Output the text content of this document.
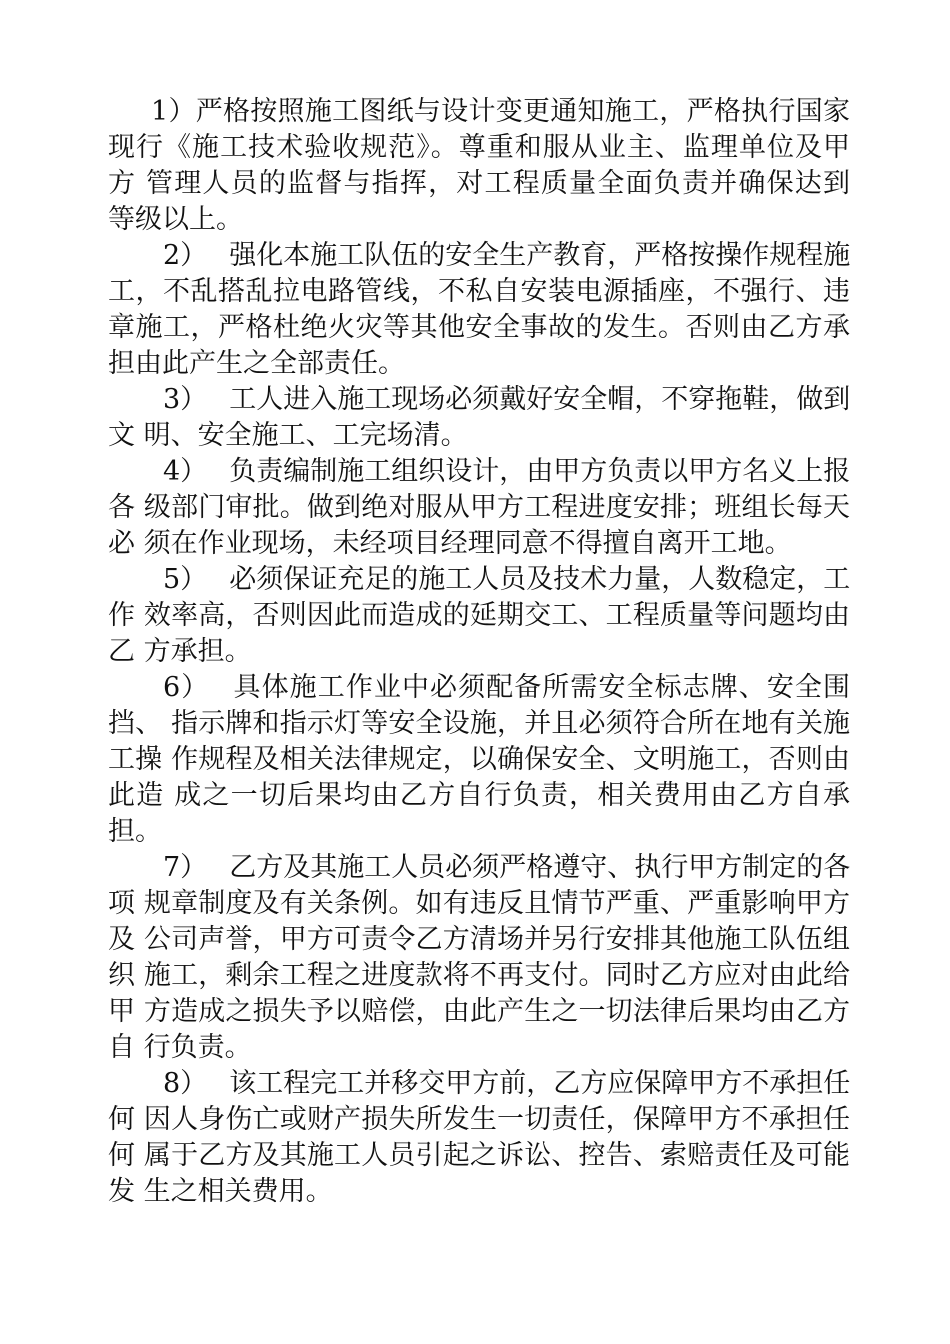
1）严格按照施工图纸与设计变更通知施工，严格执行国家
现行《施工技术验收规范》。尊重和服从业主、监理单位及甲
方 管理人员的监督与指挥，对工程质量全面负责并确保达到
等级以上。
2）　 强化本施工队伍的安全生产教育，严格按操作规程施
工，不乱搭乱拉电路管线，不私自安装电源插座，不强行、违
章施工，严格杜绝火灾等其他安全事故的发生。否则由乙方承
担由此产生之全部责任。
3）　 工人进入施工现场必须戴好安全帽，不穿拖鞋，做到
文 明、安全施工、工完场清。
4）　 负责编制施工组织设计，由甲方负责以甲方名义上报
各 级部门审批。做到绝对服从甲方工程进度安排；班组长每天
必 须在作业现场，未经项目经理同意不得擅自离开工地。
5）　 必须保证充足的施工人员及技术力量，人数稳定，工
作 效率高，否则因此而造成的延期交工、工程质量等问题均由
乙 方承担。
6）　 具体施工作业中必须配备所需安全标志牌、安全围
挡、 指示牌和指示灯等安全设施，并且必须符合所在地有关施
工操 作规程及相关法律规定，以确保安全、文明施工，否则由
此造 成之一切后果均由乙方自行负责，相关费用由乙方自承
担。
7）　 乙方及其施工人员必须严格遵守、执行甲方制定的各
项 规章制度及有关条例。如有违反且情节严重、严重影响甲方
及 公司声誉，甲方可责令乙方清场并另行安排其他施工队伍组
织 施工，剩余工程之进度款将不再支付。同时乙方应对由此给
甲 方造成之损失予以赔偿，由此产生之一切法律后果均由乙方
自 行负责。
8）　 该工程完工并移交甲方前，乙方应保障甲方不承担任
何 因人身伤亡或财产损失所发生一切责任，保障甲方不承担任
何 属于乙方及其施工人员引起之诉讼、控告、索赔责任及可能
发 生之相关费用。
